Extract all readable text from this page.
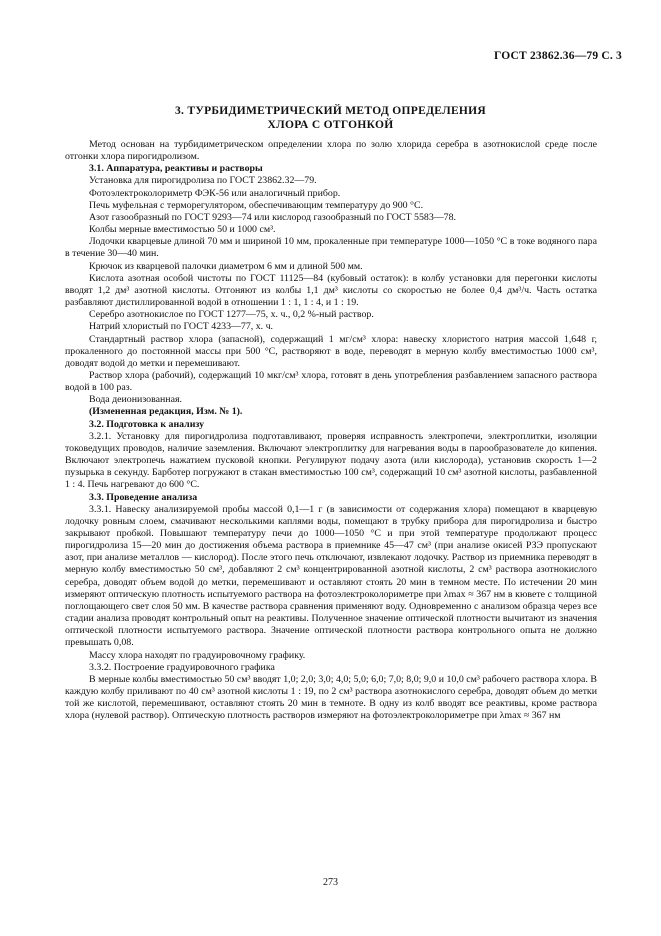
ГОСТ 23862.36—79 С. 3
3. ТУРБИДИМЕТРИЧЕСКИЙ МЕТОД ОПРЕДЕЛЕНИЯ
ХЛОРА С ОТГОНКОЙ

Метод основан на турбидиметрическом определении хлора по золю хлорида серебра в азотнокислой среде после отгонки хлора пирогидролизом.

3.1. Аппаратура, реактивы и растворы

Установка для пирогидролиза по ГОСТ 23862.32—79.

Фотоэлектроколориметр ФЭК-56 или аналогичный прибор.

Печь муфельная с терморегулятором, обеспечивающим температуру до 900 °С.

Азот газообразный по ГОСТ 9293—74 или кислород газообразный по ГОСТ 5583—78.

Колбы мерные вместимостью 50 и 1000 см³.

Лодочки кварцевые длиной 70 мм и шириной 10 мм, прокаленные при температуре 1000—1050 °С в токе водяного пара в течение 30—40 мин.

Крючок из кварцевой палочки диаметром 6 мм и длиной 500 мм.

Кислота азотная особой чистоты по ГОСТ 11125—84 (кубовый остаток): в колбу установки для перегонки кислоты вводят 1,2 дм³ азотной кислоты. Отгоняют из колбы 1,1 дм³ кислоты со скоростью не более 0,4 дм³/ч. Часть остатка разбавляют дистиллированной водой в отношении 1 : 1, 1 : 4, и 1 : 19.

Серебро азотнокислое по ГОСТ 1277—75, х. ч., 0,2 %-ный раствор.

Натрий хлористый по ГОСТ 4233—77, х. ч.

Стандартный раствор хлора (запасной), содержащий 1 мг/см³ хлора: навеску хлористого натрия массой 1,648 г, прокаленного до постоянной массы при 500 °С, растворяют в воде, переводят в мерную колбу вместимостью 1000 см³, доводят водой до метки и перемешивают.

Раствор хлора (рабочий), содержащий 10 мкг/см³ хлора, готовят в день употребления разбавлением запасного раствора водой в 100 раз.

Вода деионизованная.

(Измененная редакция, Изм. № 1).

3.2. Подготовка к анализу

3.2.1. Установку для пирогидролиза подготавливают, проверяя исправность электропечи, электроплитки, изоляции токоведущих проводов, наличие заземления. Включают электроплитку для нагревания воды в парообразователе до кипения. Включают электропечь нажатием пусковой кнопки. Регулируют подачу азота (или кислорода), установив скорость 1—2 пузырька в секунду. Барботер погружают в стакан вместимостью 100 см³, содержащий 10 см³ азотной кислоты, разбавленной 1 : 4. Печь нагревают до 600 °С.

3.3. Проведение анализа

3.3.1. Навеску анализируемой пробы массой 0,1—1 г (в зависимости от содержания хлора) помещают в кварцевую лодочку ровным слоем, смачивают несколькими каплями воды, помещают в трубку прибора для пирогидролиза и быстро закрывают пробкой. Повышают температуру печи до 1000—1050 °С и при этой температуре продолжают процесс пирогидролиза 15—20 мин до достижения объема раствора в приемнике 45—47 см³ (при анализе окисей РЗЭ пропускают азот, при анализе металлов — кислород). После этого печь отключают, извлекают лодочку. Раствор из приемника переводят в мерную колбу вместимостью 50 см³, добавляют 2 см³ концентрированной азотной кислоты, 2 см³ раствора азотнокислого серебра, доводят объем водой до метки, перемешивают и оставляют стоять 20 мин в темном месте. По истечении 20 мин измеряют оптическую плотность испытуемого раствора на фотоэлектроколориметре при λmax ≈ 367 нм в кювете с толщиной поглощающего свет слоя 50 мм. В качестве раствора сравнения применяют воду. Одновременно с анализом образца через все стадии анализа проводят контрольный опыт на реактивы. Полученное значение оптической плотности вычитают из значения оптической плотности испытуемого раствора. Значение оптической плотности раствора контрольного опыта не должно превышать 0,08.

Массу хлора находят по градуировочному графику.

3.3.2. Построение градуировочного графика

В мерные колбы вместимостью 50 см³ вводят 1,0; 2,0; 3,0; 4,0; 5,0; 6,0; 7,0; 8,0; 9,0 и 10,0 см³ рабочего раствора хлора. В каждую колбу приливают по 40 см³ азотной кислоты 1 : 19, по 2 см³ раствора азотнокислого серебра, доводят объем до метки той же кислотой, перемешивают, оставляют стоять 20 мин в темноте. В одну из колб вводят все реактивы, кроме раствора хлора (нулевой раствор). Оптическую плотность растворов измеряют на фотоэлектроколориметре при λmax ≈ 367 нм

273
